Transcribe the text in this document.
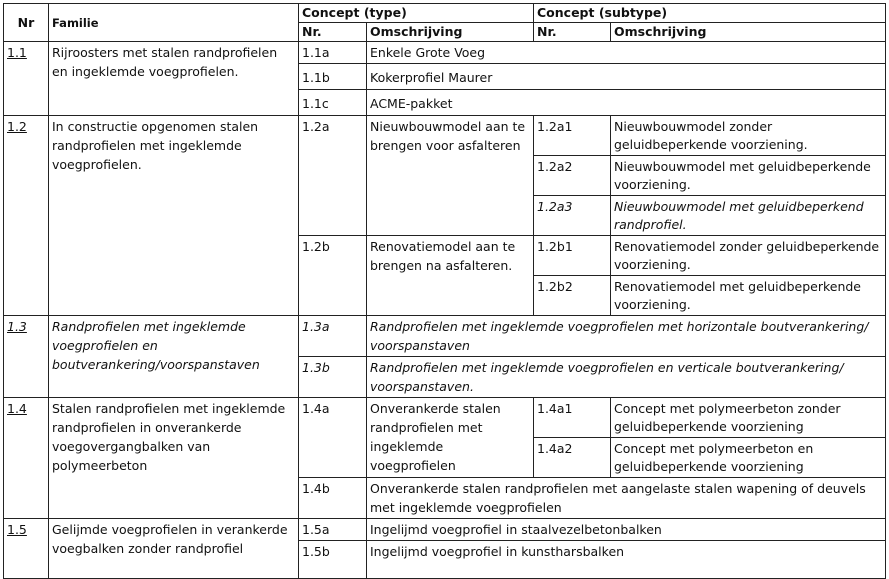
Nr	Familie	Concept (type)		Concept (subtype)	
		Nr.	Omschrijving	Nr.	Omschrijving
1.1	Rijroosters met stalen randprofielen en ingeklemde voegprofielen.	1.1a	Enkele Grote Voeg		
		1.1b	Kokerprofiel Maurer		
		1.1c	ACME-pakket		
1.2	In constructie opgenomen stalen randprofielen met ingeklemde voegprofielen.	1.2a	Nieuwbouwmodel aan te brengen voor asfalteren	1.2a1	Nieuwbouwmodel zonder geluidbeperkende voorziening.
				1.2a2	Nieuwbouwmodel met geluidbeperkende voorziening.
				1.2a3	Nieuwbouwmodel met geluidbeperkend randprofiel.
		1.2b	Renovatiemodel aan te brengen na asfalteren.	1.2b1	Renovatiemodel zonder geluidbeperkende voorziening.
				1.2b2	Renovatiemodel met geluidbeperkende voorziening.
1.3	Randprofielen met ingeklemde voegprofielen en boutverankering/voorspanstaven	1.3a	Randprofielen met ingeklemde voegprofielen met horizontale boutverankering/ voorspanstaven		
		1.3b	Randprofielen met ingeklemde voegprofielen en verticale boutverankering/ voorspanstaven.		
1.4	Stalen randprofielen met ingeklemde randprofielen in onverankerde voegovergangbalken van polymeerbeton	1.4a	Onverankerde stalen randprofielen met ingeklemde voegprofielen	1.4a1	Concept met polymeerbeton zonder geluidbeperkende voorziening
				1.4a2	Concept met polymeerbeton en geluidbeperkende voorziening
		1.4b	Onverankerde stalen randprofielen met aangelaste stalen wapening of deuvels met ingeklemde voegprofielen		
1.5	Gelijmde voegprofielen in verankerde voegbalken zonder randprofiel	1.5a	Ingelijmd voegprofiel in staalvezelbetonbalken		
		1.5b	Ingelijmd voegprofiel in kunstharsbalken		
